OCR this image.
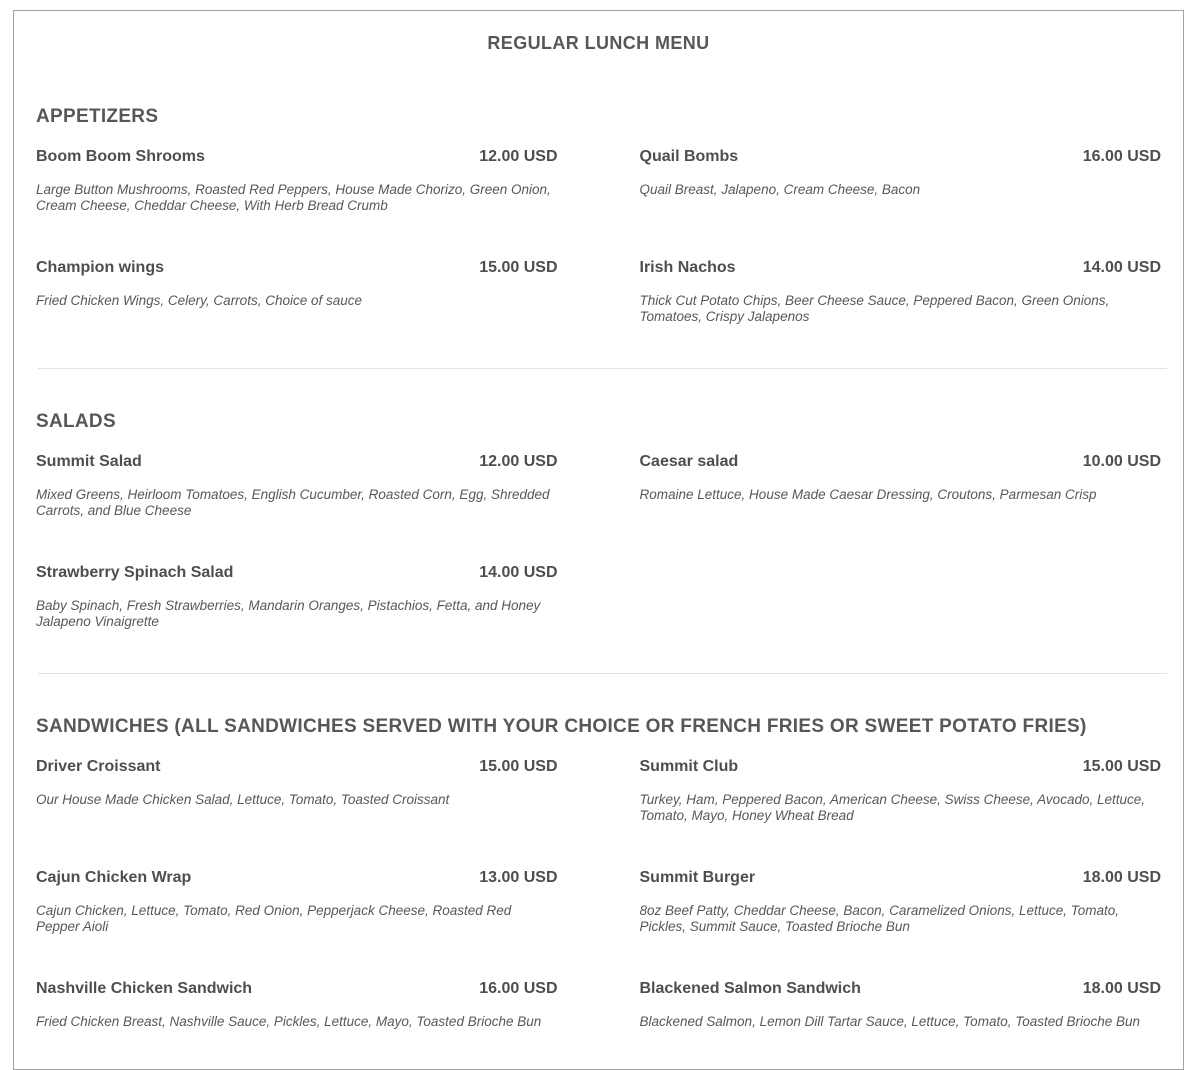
REGULAR LUNCH MENU
APPETIZERS
Boom Boom Shrooms	12.00 USD

Large Button Mushrooms, Roasted Red Peppers, House Made Chorizo, Green Onion, Cream Cheese, Cheddar Cheese, With Herb Bread Crumb

Quail Bombs	16.00 USD

Quail Breast, Jalapeno, Cream Cheese, Bacon

Champion wings	15.00 USD

Fried Chicken Wings, Celery, Carrots, Choice of sauce

Irish Nachos	14.00 USD

Thick Cut Potato Chips, Beer Cheese Sauce, Peppered Bacon, Green Onions, Tomatoes, Crispy Jalapenos

SALADS
Summit Salad	12.00 USD

Mixed Greens, Heirloom Tomatoes, English Cucumber, Roasted Corn, Egg, Shredded Carrots, and Blue Cheese

Caesar salad	10.00 USD

Romaine Lettuce, House Made Caesar Dressing, Croutons, Parmesan Crisp

Strawberry Spinach Salad	14.00 USD

Baby Spinach, Fresh Strawberries, Mandarin Oranges, Pistachios, Fetta, and Honey Jalapeno Vinaigrette

SANDWICHES (ALL SANDWICHES SERVED WITH YOUR CHOICE OR FRENCH FRIES OR SWEET POTATO FRIES)
Driver Croissant	15.00 USD

Our House Made Chicken Salad, Lettuce, Tomato, Toasted Croissant

Summit Club	15.00 USD

Turkey, Ham, Peppered Bacon, American Cheese, Swiss Cheese, Avocado, Lettuce, Tomato, Mayo, Honey Wheat Bread

Cajun Chicken Wrap	13.00 USD

Cajun Chicken, Lettuce, Tomato, Red Onion, Pepperjack Cheese, Roasted Red Pepper Aioli

Summit Burger	18.00 USD

8oz Beef Patty, Cheddar Cheese, Bacon, Caramelized Onions, Lettuce, Tomato, Pickles, Summit Sauce, Toasted Brioche Bun

Nashville Chicken Sandwich	16.00 USD

Fried Chicken Breast, Nashville Sauce, Pickles, Lettuce, Mayo, Toasted Brioche Bun

Blackened Salmon Sandwich	18.00 USD

Blackened Salmon, Lemon Dill Tartar Sauce, Lettuce, Tomato, Toasted Brioche Bun
